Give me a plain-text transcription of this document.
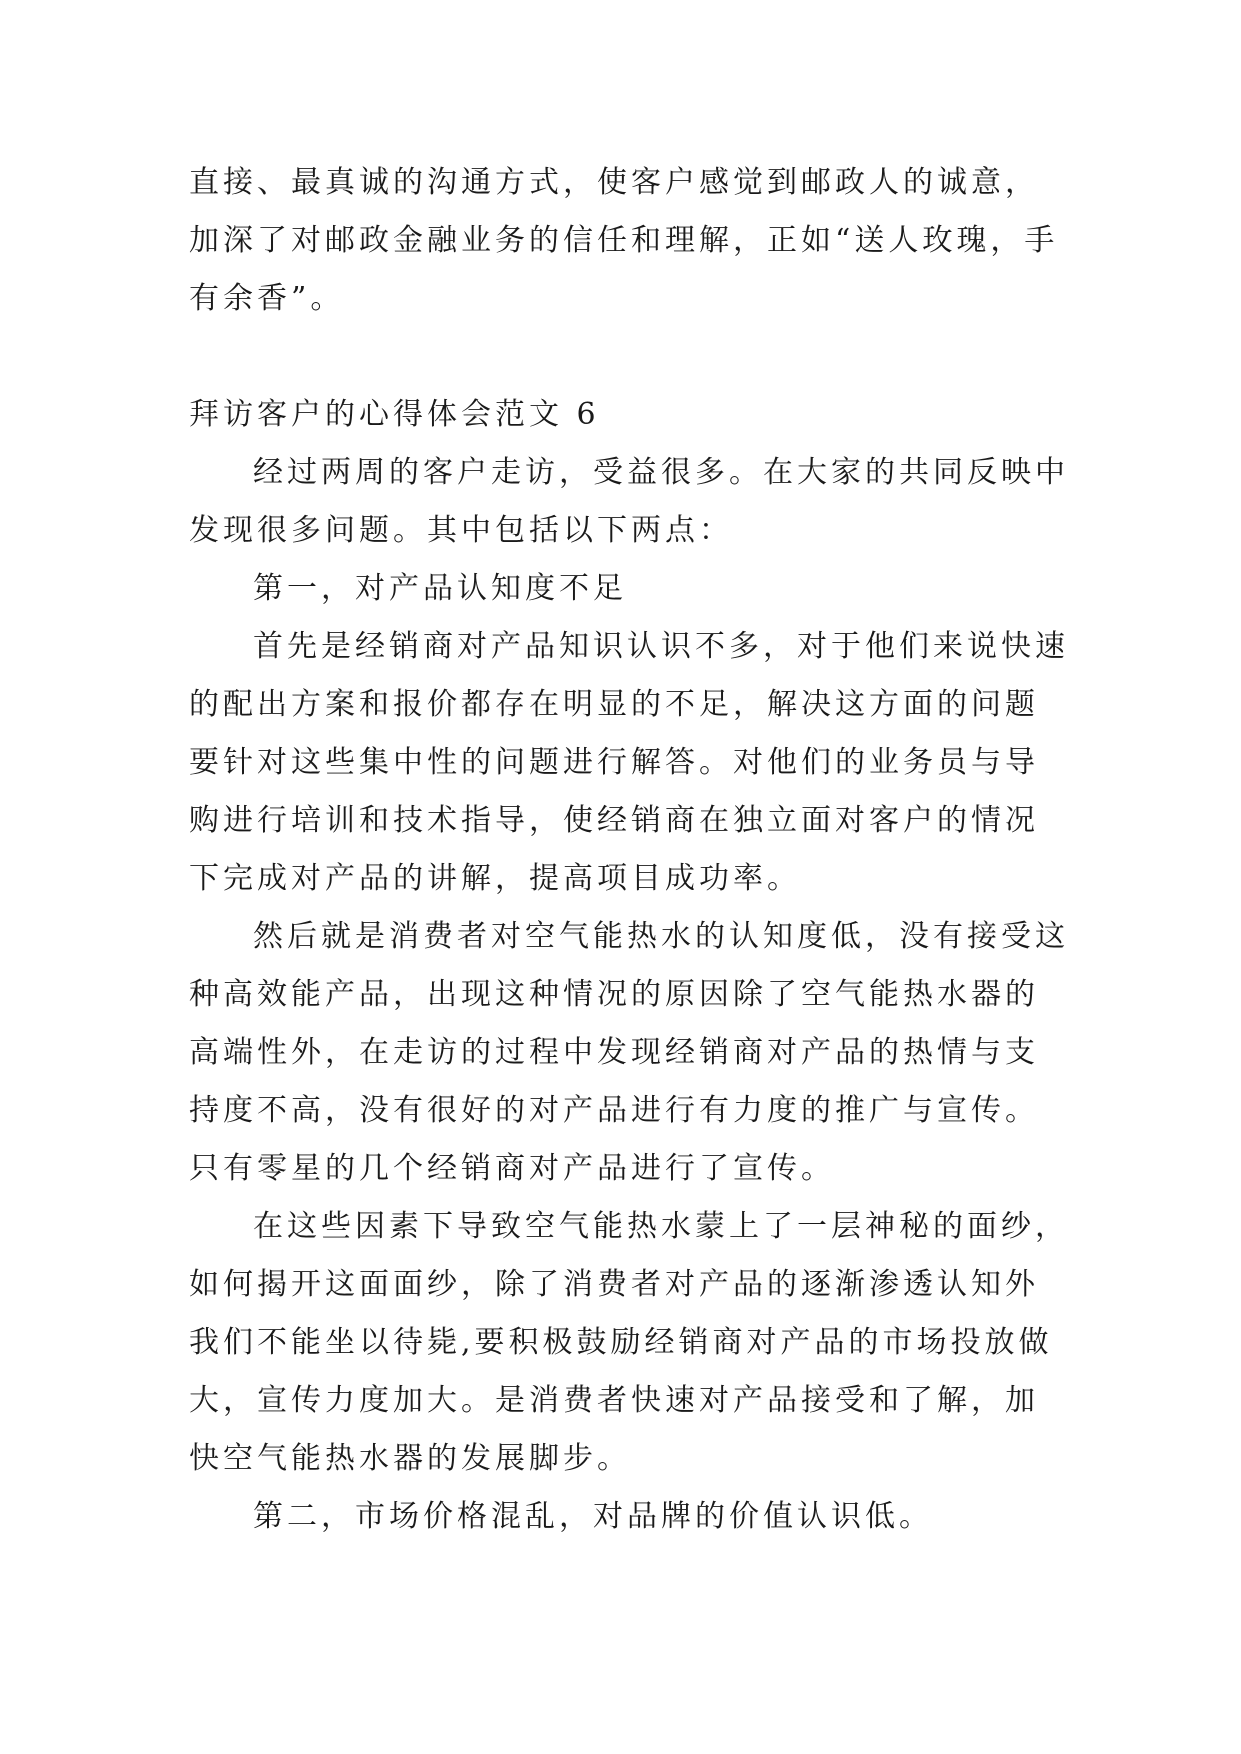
直接、最真诚的沟通方式，使客户感觉到邮政人的诚意，加深了对邮政金融业务的信任和理解，正如“送人玫瑰，手有余香”。

拜访客户的心得体会范文 6

经过两周的客户走访，受益很多。在大家的共同反映中发现很多问题。其中包括以下两点：

第一，对产品认知度不足

首先是经销商对产品知识认识不多，对于他们来说快速的配出方案和报价都存在明显的不足，解决这方面的问题要针对这些集中性的问题进行解答。对他们的业务员与导购进行培训和技术指导，使经销商在独立面对客户的情况下完成对产品的讲解，提高项目成功率。

然后就是消费者对空气能热水的认知度低，没有接受这种高效能产品，出现这种情况的原因除了空气能热水器的高端性外，在走访的过程中发现经销商对产品的热情与支持度不高，没有很好的对产品进行有力度的推广与宣传。只有零星的几个经销商对产品进行了宣传。

在这些因素下导致空气能热水蒙上了一层神秘的面纱，如何揭开这面面纱，除了消费者对产品的逐渐渗透认知外我们不能坐以待毙,要积极鼓励经销商对产品的市场投放做大，宣传力度加大。是消费者快速对产品接受和了解，加快空气能热水器的发展脚步。

第二，市场价格混乱，对品牌的价值认识低。
